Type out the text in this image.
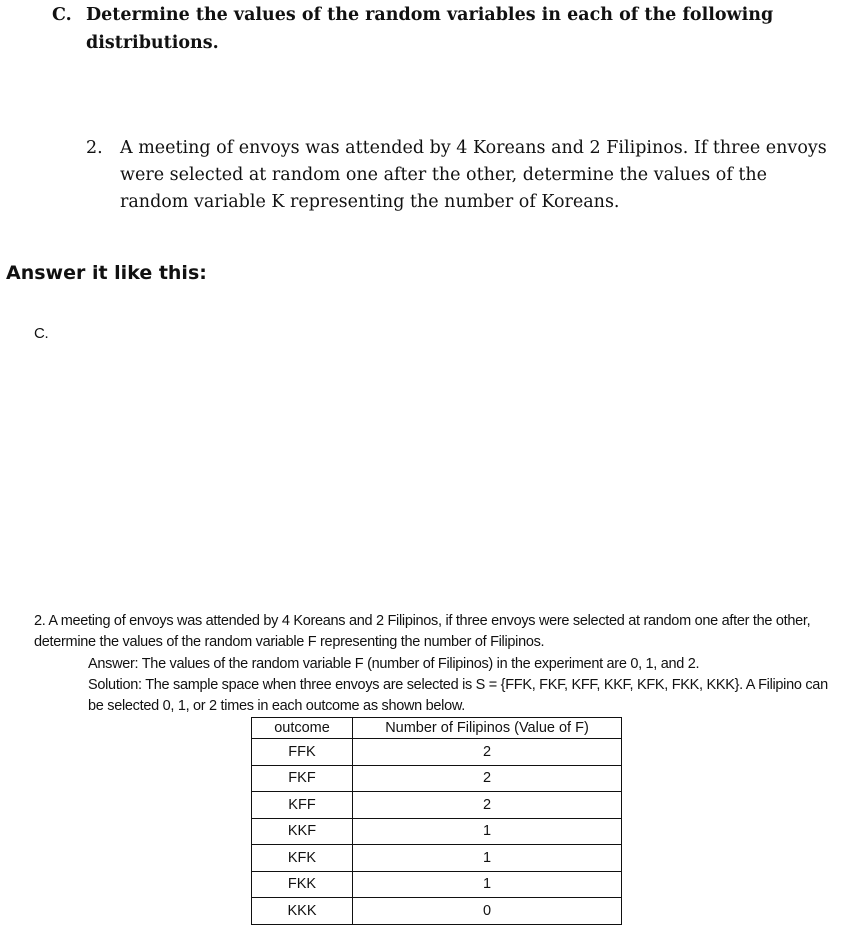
C. Determine the values of the random variables in each of the following distributions.
2. A meeting of envoys was attended by 4 Koreans and 2 Filipinos. If three envoys were selected at random one after the other, determine the values of the random variable K representing the number of Koreans.
Answer it like this:
C.
2. A meeting of envoys was attended by 4 Koreans and 2 Filipinos, if three envoys were selected at random one after the other, determine the values of the random variable F representing the number of Filipinos.
Answer: The values of the random variable F (number of Filipinos) in the experiment are 0, 1, and 2.
Solution: The sample space when three envoys are selected is S = {FFK, FKF, KFF, KKF, KFK, FKK, KKK}. A Filipino can be selected 0, 1, or 2 times in each outcome as shown below.
outcome	Number of Filipinos (Value of F)
FFK	2
FKF	2
KFF	2
KKF	1
KFK	1
FKK	1
KKK	0
